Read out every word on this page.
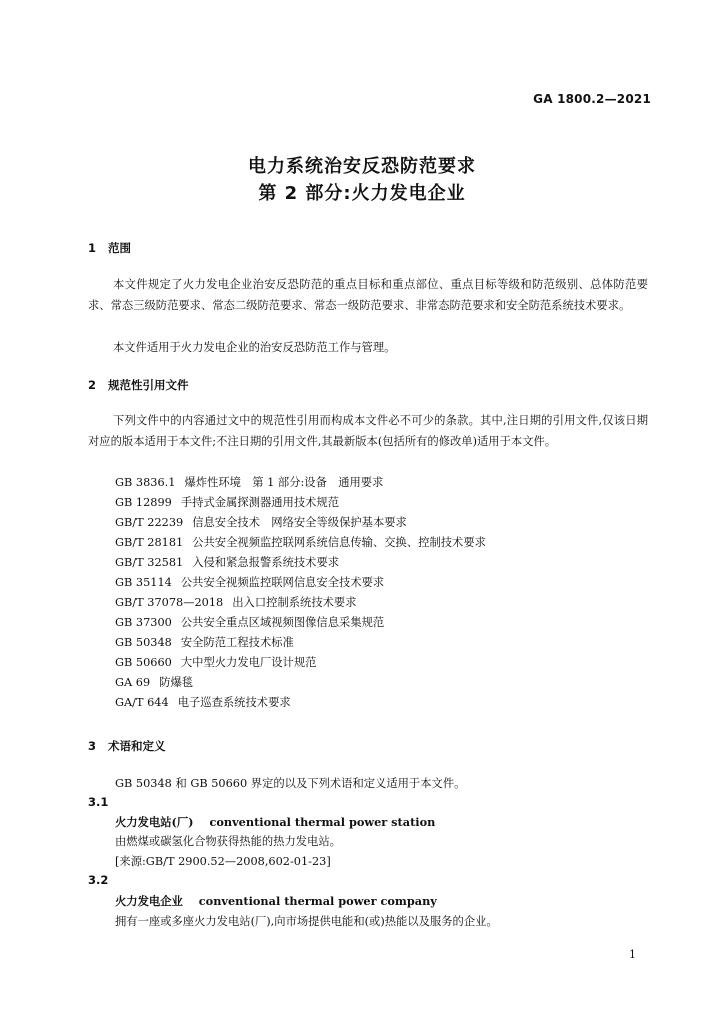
GA 1800.2—2021
电力系统治安反恐防范要求
第 2 部分:火力发电企业
1 范围
本文件规定了火力发电企业治安反恐防范的重点目标和重点部位、重点目标等级和防范级别、总体防范要求、常态三级防范要求、常态二级防范要求、常态一级防范要求、非常态防范要求和安全防范系统技术要求。
本文件适用于火力发电企业的治安反恐防范工作与管理。
2 规范性引用文件
下列文件中的内容通过文中的规范性引用而构成本文件必不可少的条款。其中,注日期的引用文件,仅该日期对应的版本适用于本文件;不注日期的引用文件,其最新版本(包括所有的修改单)适用于本文件。
GB 3836.1 爆炸性环境　第 1 部分:设备　通用要求
GB 12899 手持式金属探测器通用技术规范
GB/T 22239 信息安全技术　网络安全等级保护基本要求
GB/T 28181 公共安全视频监控联网系统信息传输、交换、控制技术要求
GB/T 32581 入侵和紧急报警系统技术要求
GB 35114 公共安全视频监控联网信息安全技术要求
GB/T 37078—2018 出入口控制系统技术要求
GB 37300 公共安全重点区域视频图像信息采集规范
GB 50348 安全防范工程技术标准
GB 50660 大中型火力发电厂设计规范
GA 69 防爆毯
GA/T 644 电子巡查系统技术要求
3 术语和定义
GB 50348 和 GB 50660 界定的以及下列术语和定义适用于本文件。
3.1
火力发电站(厂) conventional thermal power station
由燃煤或碳氢化合物获得热能的热力发电站。
[来源:GB/T 2900.52—2008,602-01-23]
3.2
火力发电企业 conventional thermal power company
拥有一座或多座火力发电站(厂),向市场提供电能和(或)热能以及服务的企业。
1
